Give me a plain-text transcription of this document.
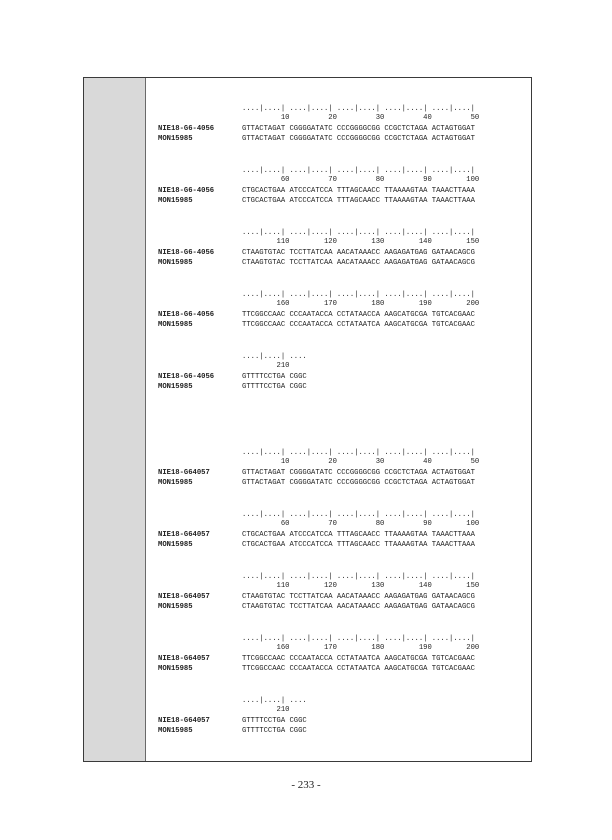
....|....| ....|....| ....|....| ....|....| ....|....|
10         20         30         40         50
NIE18-G6-4056	GTTACTAGAT CGGGGATATC CCCGGGGCGG CCGCTCTAGA ACTAGTGGAT
MON15985	GTTACTAGAT CGGGGATATC CCCGGGGCGG CCGCTCTAGA ACTAGTGGAT
....|....| ....|....| ....|....| ....|....| ....|....|
60         70         80         90        100
NIE18-G6-4056	CTGCACTGAA ATCCCATCCA TTTAGCAACC TTAAAAGTAA TAAACTTAAA
MON15985	CTGCACTGAA ATCCCATCCA TTTAGCAACC TTAAAAGTAA TAAACTTAAA
....|....| ....|....| ....|....| ....|....| ....|....|
110        120        130        140        150
NIE18-G6-4056	CTAAGTGTAC TCCTTATCAA AACATAAACC AAGAGATGAG GATAACAGCG
MON15985	CTAAGTGTAC TCCTTATCAA AACATAAACC AAGAGATGAG GATAACAGCG
....|....| ....|....| ....|....| ....|....| ....|....|
160        170        180        190        200
NIE18-G6-4056	TTCGGCCAAC CCCAATACCA CCTATAACCA AAGCATGCGA TGTCACGAAC
MON15985	TTCGGCCAAC CCCAATACCA CCTATAATCA AAGCATGCGA TGTCACGAAC
....|....| ....
210
NIE18-G6-4056	GTTTTCCTGA CGGC
MON15985	GTTTTCCTGA CGGC
....|....| ....|....| ....|....| ....|....| ....|....|
10         20         30         40         50
NIE18-G64057	GTTACTAGAT CGGGGATATC CCCGGGGCGG CCGCTCTAGA ACTAGTGGAT
MON15985	GTTACTAGAT CGGGGATATC CCCGGGGCGG CCGCTCTAGA ACTAGTGGAT
....|....| ....|....| ....|....| ....|....| ....|....|
60         70         80         90        100
NIE18-G64057	CTGCACTGAA ATCCCATCCA TTTAGCAACC TTAAAAGTAA TAAACTTAAA
MON15985	CTGCACTGAA ATCCCATCCA TTTAGCAACC TTAAAAGTAA TAAACTTAAA
....|....| ....|....| ....|....| ....|....| ....|....|
110        120        130        140        150
NIE18-G64057	CTAAGTGTAC TCCTTATCAA AACATAAACC AAGAGATGAG GATAACAGCG
MON15985	CTAAGTGTAC TCCTTATCAA AACATAAACC AAGAGATGAG GATAACAGCG
....|....| ....|....| ....|....| ....|....| ....|....|
160        170        180        190        200
NIE18-G64057	TTCGGCCAAC CCCAATACCA CCTATAATCA AAGCATGCGA TGTCACGAAC
MON15985	TTCGGCCAAC CCCAATACCA CCTATAATCA AAGCATGCGA TGTCACGAAC
....|....| ....
210
NIE18-G64057	GTTTTCCTGA CGGC
MON15985	GTTTTCCTGA CGGC
- 233 -
